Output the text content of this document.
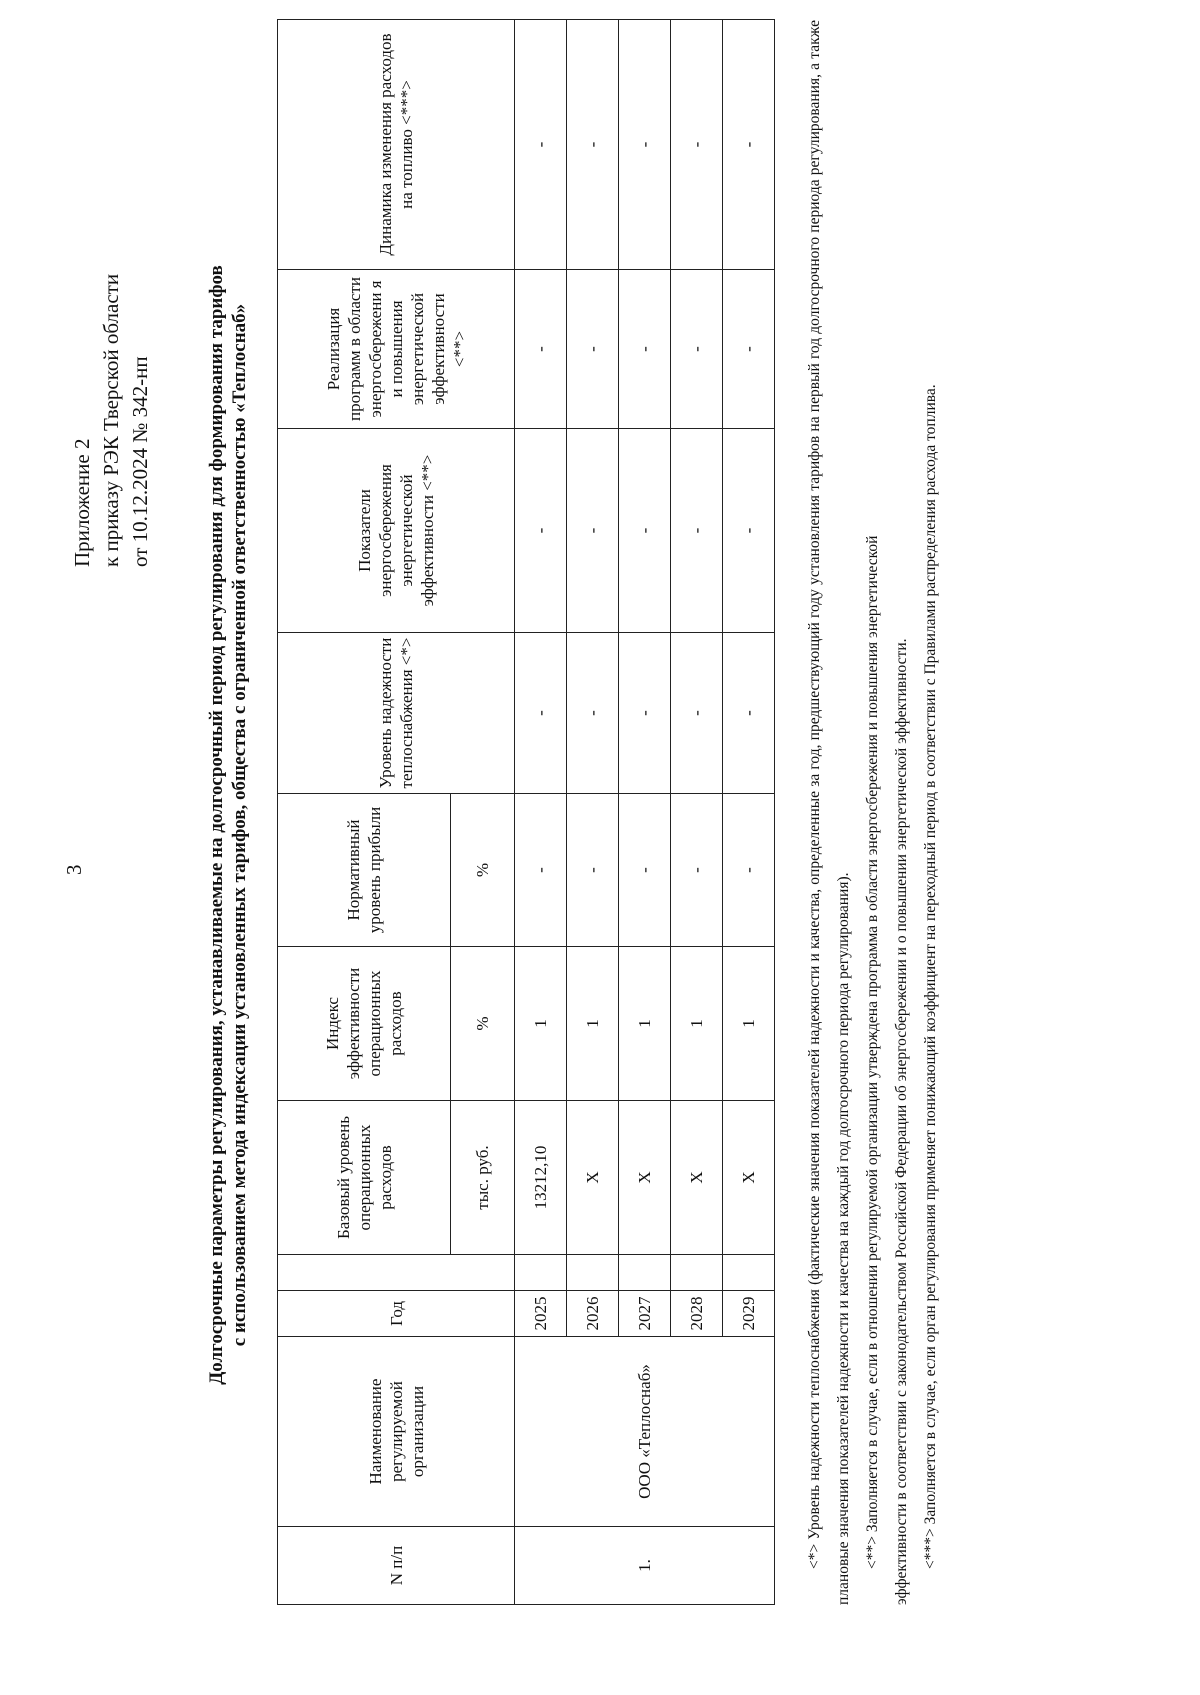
3
Приложение 2 к приказу РЭК Тверской области от 10.12.2024 № 342-нп	Долгосрочные параметры регулирования, устанавливаемые на долгосрочный период регулирования для формирования тарифов с использованием метода индексации установленных тарифов, общества с ограниченной ответственностью «Теплоснаб»
N п/п	Наименование регулируемой организации	Год		Базовый уровень операционных расходов	Индекс эффективности операционных расходов	Нормативный уровень прибыли	Уровень надежности теплоснабжения <*>	Показатели энергосбережения энергетической эффективности <**>	Реализация программ в области энергосбережени я и повышения энергетической эффективности <**>	Динамика изменения расходов на топливо <***>

				тыс. руб.	%	%				
1.	ООО «Теплоснаб»	2025		13212,10	1	-	-	-	-	-
		2026		X	1	-	-	-	-	-
		2027		X	1	-	-	-	-	-
		2028		X	1	-	-	-	-	-
		2029		X	1	-	-	-	-	-	<*> Уровень надежности теплоснабжения (фактические значения показателей надежности и качества, определенные за год, предшествующий году установления тарифов на первый год долгосрочного периода регулирования, а также плановые значения показателей надежности и качества на каждый год долгосрочного периода регулирования). <**> Заполняется в случае, если в отношении регулируемой организации утверждена программа в области энергосбережения и повышения энергетической эффективности в соответствии с законодательством Российской Федерации об энергосбережении и о повышении энергетической эффективности. <***> Заполняется в случае, если орган регулирования применяет понижающий коэффициент на переходный период в соответствии с Правилами распределения расхода топлива.
